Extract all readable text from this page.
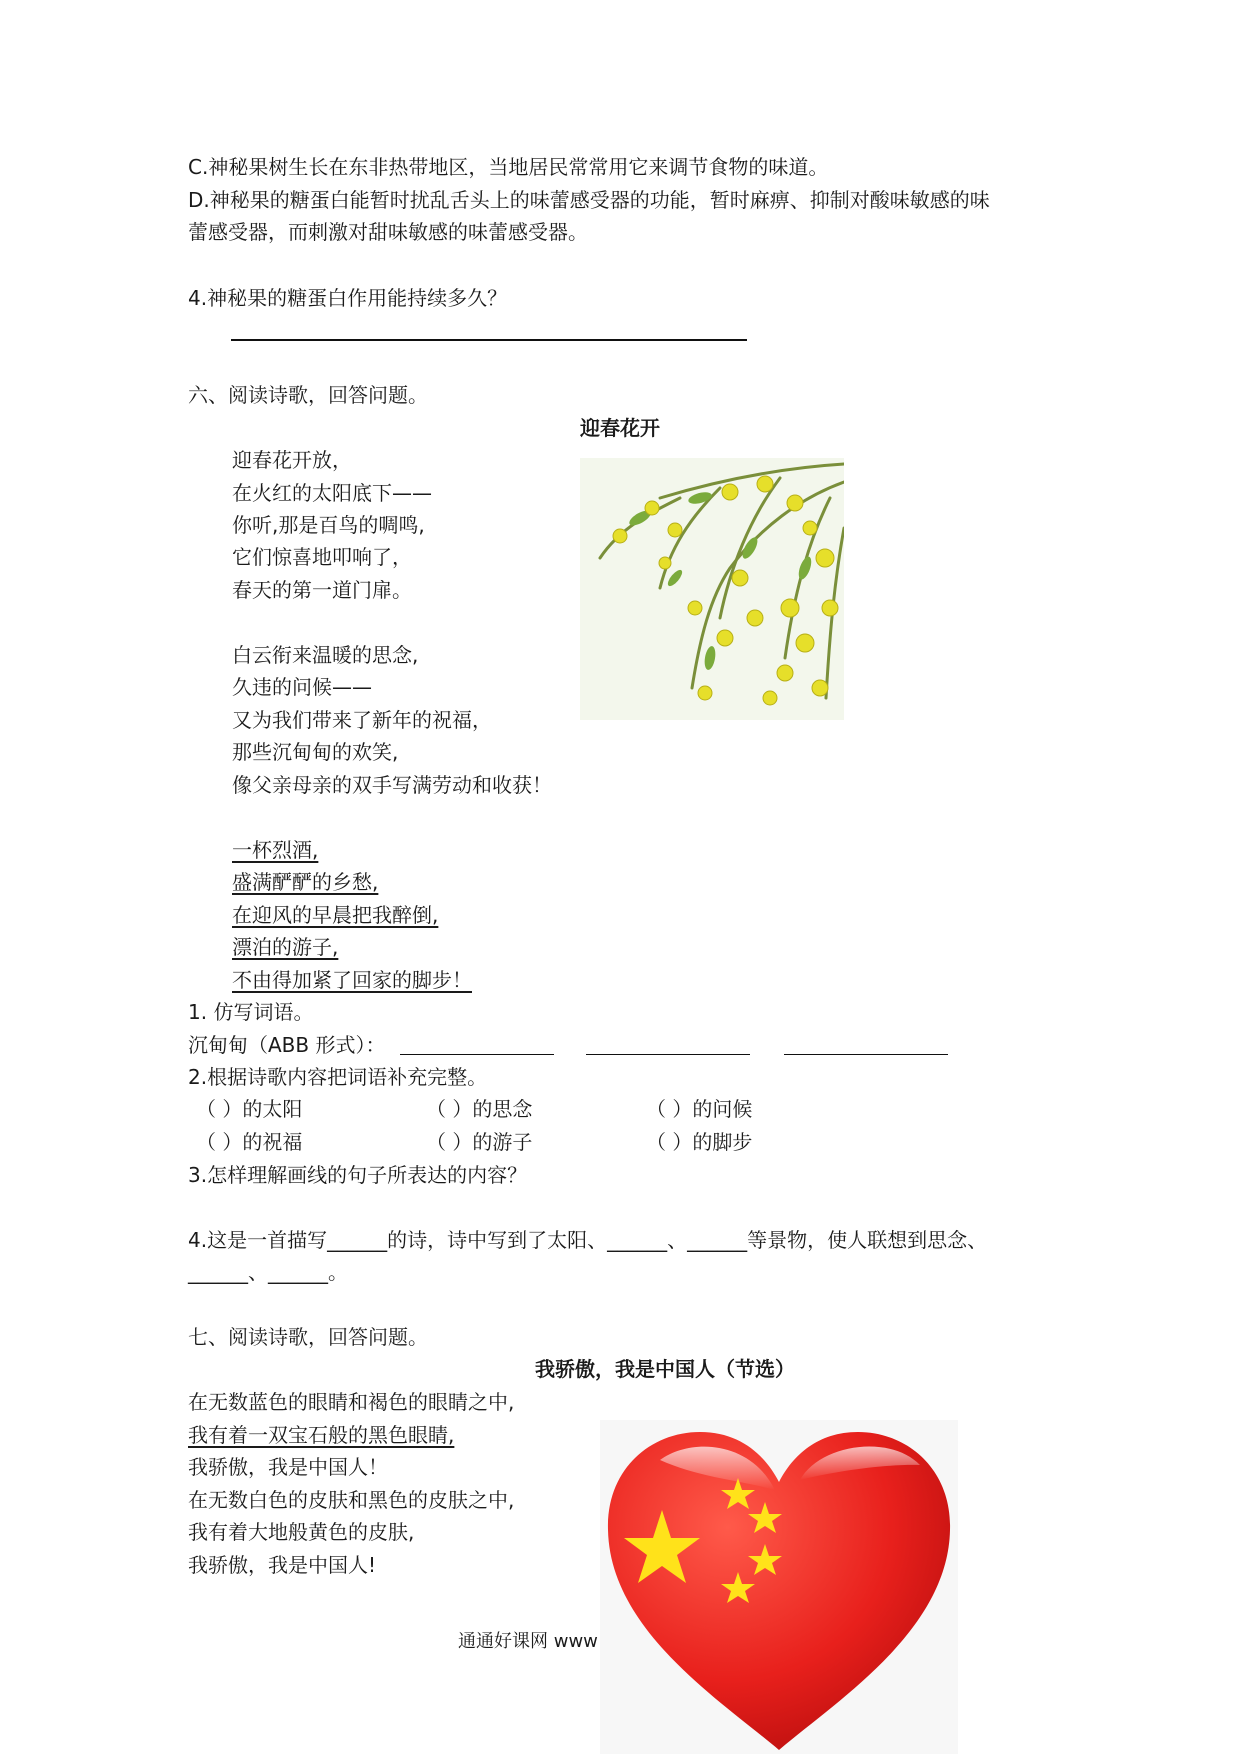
C.神秘果树生长在东非热带地区，当地居民常常用它来调节食物的味道。
D.神秘果的糖蛋白能暂时扰乱舌头上的味蕾感受器的功能，暂时麻痹、抑制对酸味敏感的味
蕾感受器，而刺激对甜味敏感的味蕾感受器。
4.神秘果的糖蛋白作用能持续多久？
六、阅读诗歌，回答问题。
迎春花开
迎春花开放，
在火红的太阳底下——
你听,那是百鸟的啁鸣,
它们惊喜地叩响了，
春天的第一道门扉。
白云衔来温暖的思念,
久违的问候——
又为我们带来了新年的祝福，
那些沉甸甸的欢笑,
像父亲母亲的双手写满劳动和收获！
一杯烈酒,
盛满酽酽的乡愁,
在迎风的早晨把我醉倒,
漂泊的游子,
不由得加紧了回家的脚步！
1. 仿写词语。
沉甸甸（ABB 形式）：
2.根据诗歌内容把词语补充完整。
（ ）的太阳	（ ）的思念	（ ）的问候
（ ）的祝福	（ ）的游子	（ ）的脚步
3.怎样理解画线的句子所表达的内容？
4.这是一首描写______的诗，诗中写到了太阳、______、______等景物，使人联想到思念、
______、______。
七、阅读诗歌，回答问题。
我骄傲，我是中国人（节选）
在无数蓝色的眼睛和褐色的眼睛之中,
我有着一双宝石般的黑色眼睛,
我骄傲，我是中国人！
在无数白色的皮肤和黑色的皮肤之中,
我有着大地般黄色的皮肤,
我骄傲，我是中国人!
通通好课网 www
